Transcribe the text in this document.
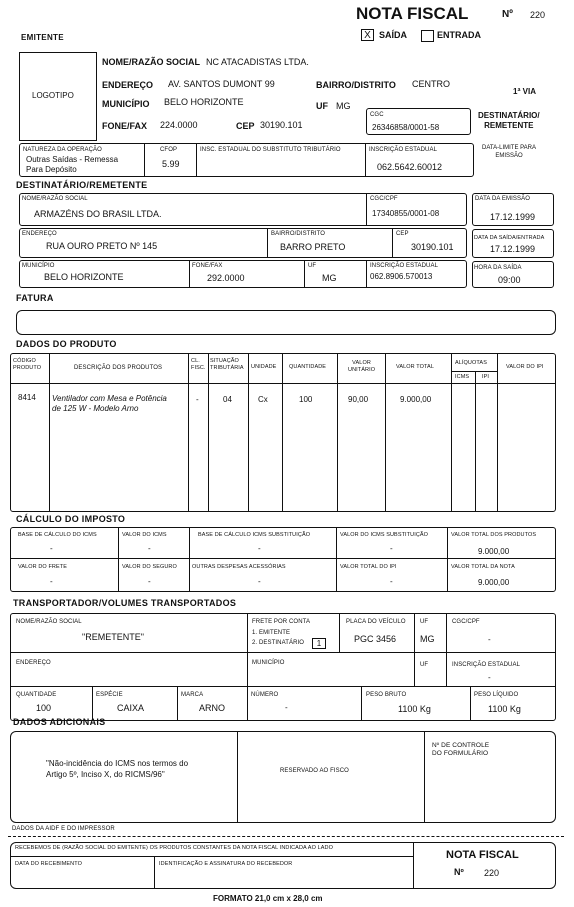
NOTA FISCAL	Nº 220
EMITENTE	X SAÍDA	ENTRADA
LOGOTIPO
NOME/RAZÃO SOCIAL NC ATACADISTAS LTDA.
ENDEREÇO AV. SANTOS DUMONT 99	BAIRRO/DISTRITO CENTRO
MUNICÍPIO BELO HORIZONTE	UF MG
FONE/FAX 224.0000	CEP 30190.101
CGC
26346858/0001-58
1ª VIA
DESTINATÁRIO/
REMETENTE
DATA-LIMITE PARA
EMISSÃO
NATUREZA DA OPERAÇÃO
Outras Saídas - Remessa
Para Depósito
CFOP
5.99
INSC. ESTADUAL DO SUBSTITUTO TRIBUTÁRIO	INSCRIÇÃO ESTADUAL
062.5642.60012
DESTINATÁRIO/REMETENTE
NOME/RAZÃO SOCIAL
ARMAZÉNS DO BRASIL LTDA.
CGC/CPF
17340855/0001-08
DATA DA EMISSÃO
17.12.1999
ENDEREÇO
RUA OURO PRETO Nº 145
BAIRRO/DISTRITO
BARRO PRETO
CEP
30190.101
DATA DA SAÍDA/ENTRADA
17.12.1999
MUNICÍPIO
BELO HORIZONTE
FONE/FAX
292.0000
UF
MG
INSCRIÇÃO ESTADUAL
062.8906.570013
HORA DA SAÍDA
09:00
FATURA
DADOS DO PRODUTO
CÓDIGO
PRODUTO	DESCRIÇÃO DOS PRODUTOS
CL.
FISC.
SITUAÇÃO
TRIBUTÁRIA UNIDADE QUANTIDADE
VALOR
UNITÁRIO
VALOR TOTAL
ALÍQUOTAS
ICMS IPI
VALOR DO IPI
8414 Ventilador com Mesa e Potência
de 125 W - Modelo Arno
-	04	Cx	100	90,00	9.000,00
CÁLCULO DO IMPOSTO
BASE DE CÁLCULO DO ICMS
-
VALOR DO ICMS
-
BASE DE CÁLCULO ICMS SUBSTITUIÇÃO
-
VALOR DO ICMS SUBSTITUIÇÃO
-
VALOR TOTAL DOS PRODUTOS
9.000,00
VALOR DO FRETE
-
VALOR DO SEGURO
-
OUTRAS DESPESAS ACESSÓRIAS
-
VALOR TOTAL DO IPI
-
VALOR TOTAL DA NOTA
9.000,00
TRANSPORTADOR/VOLUMES TRANSPORTADOS
NOME/RAZÃO SOCIAL
"REMETENTE"
FRETE POR CONTA
1. EMITENTE
2. DESTINATÁRIO	1
PLACA DO VEÍCULO
PGC 3456
UF
MG
CGC/CPF
-
ENDEREÇO	MUNICÍPIO	UF	INSCRIÇÃO ESTADUAL
-
QUANTIDADE
100
ESPÉCIE
CAIXA
MARCA
ARNO
NÚMERO
-
PESO BRUTO
1100 Kg
PESO LÍQUIDO
1100 Kg
DADOS ADICIONAIS
"Não-incidência do ICMS nos termos do
Artigo 5º, Inciso X, do RICMS/96"	RESERVADO AO FISCO
Nº DE CONTROLE
DO FORMULÁRIO
DADOS DA AIDF E DO IMPRESSOR
RECEBEMOS DE (RAZÃO SOCIAL DO EMITENTE) OS PRODUTOS CONSTANTES DA NOTA FISCAL INDICADA AO LADO
DATA DO RECEBIMENTO	IDENTIFICAÇÃO E ASSINATURA DO RECEBEDOR
NOTA FISCAL
Nº 220
FORMATO 21,0 cm x 28,0 cm
